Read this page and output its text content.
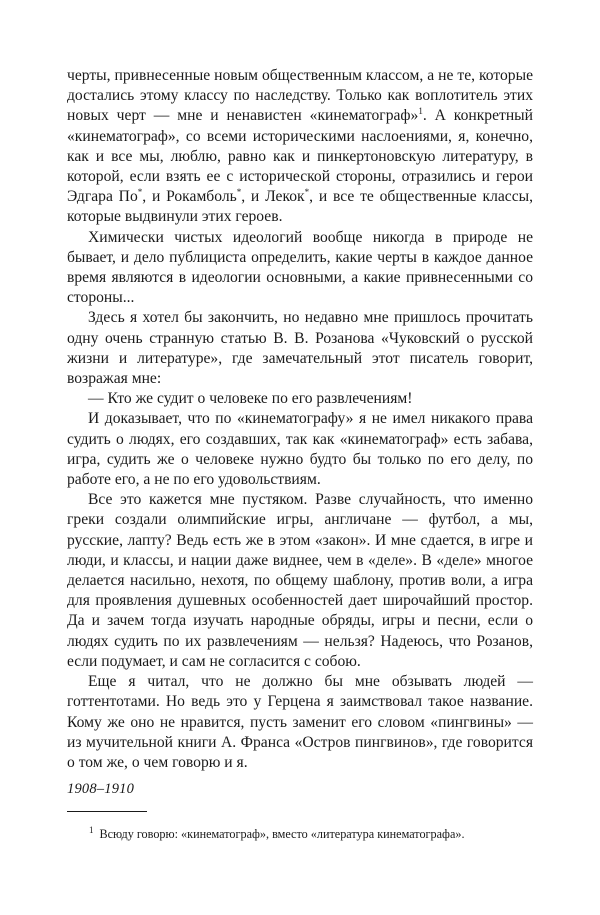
черты, привнесенные новым общественным классом, а не те, которые достались этому классу по наследству. Только как воплотитель этих новых черт — мне и ненавистен «кинематограф»$^1$. А конкретный «кинематограф», со всеми историческими наслоениями, я, конечно, как и все мы, люблю, равно как и пинкертоновскую литературу, в которой, если взять ее с исторической стороны, отразились и герои Эдгара По*, и Рокамболь*, и Лекок*, и все те общественные классы, которые выдвинули этих героев.

Химически чистых идеологий вообще никогда в природе не бывает, и дело публициста определить, какие черты в каждое данное время являются в идеологии основными, а какие привнесенными со стороны...

Здесь я хотел бы закончить, но недавно мне пришлось прочитать одну очень странную статью В. В. Розанова «Чуковский о русской жизни и литературе», где замечательный этот писатель говорит, возражая мне:

— Кто же судит о человеке по его развлечениям!

И доказывает, что по «кинематографу» я не имел никакого права судить о людях, его создавших, так как «кинематограф» есть забава, игра, судить же о человеке нужно будто бы только по его делу, по работе его, а не по его удовольствиям.

Все это кажется мне пустяком. Разве случайность, что именно греки создали олимпийские игры, англичане — футбол, а мы, русские, лапту? Ведь есть же в этом «закон». И мне сдается, в игре и люди, и классы, и нации даже виднее, чем в «деле». В «деле» многое делается насильно, нехотя, по общему шаблону, против воли, а игра для проявления душевных особенностей дает широчайший простор. Да и зачем тогда изучать народные обряды, игры и песни, если о людях судить по их развлечениям — нельзя? Надеюсь, что Розанов, если подумает, и сам не согласится с собою.

Еще я читал, что не должно бы мне обзывать людей — готтентотами. Но ведь это у Герцена я заимствовал такое название. Кому же оно не нравится, пусть заменит его словом «пингвины» — из мучительной книги А. Франса «Остров пингвинов», где говорится о том же, о чем говорю и я.

1908–1910
$^1$ Всюду говорю: «кинематограф», вместо «литература кинематографа».
